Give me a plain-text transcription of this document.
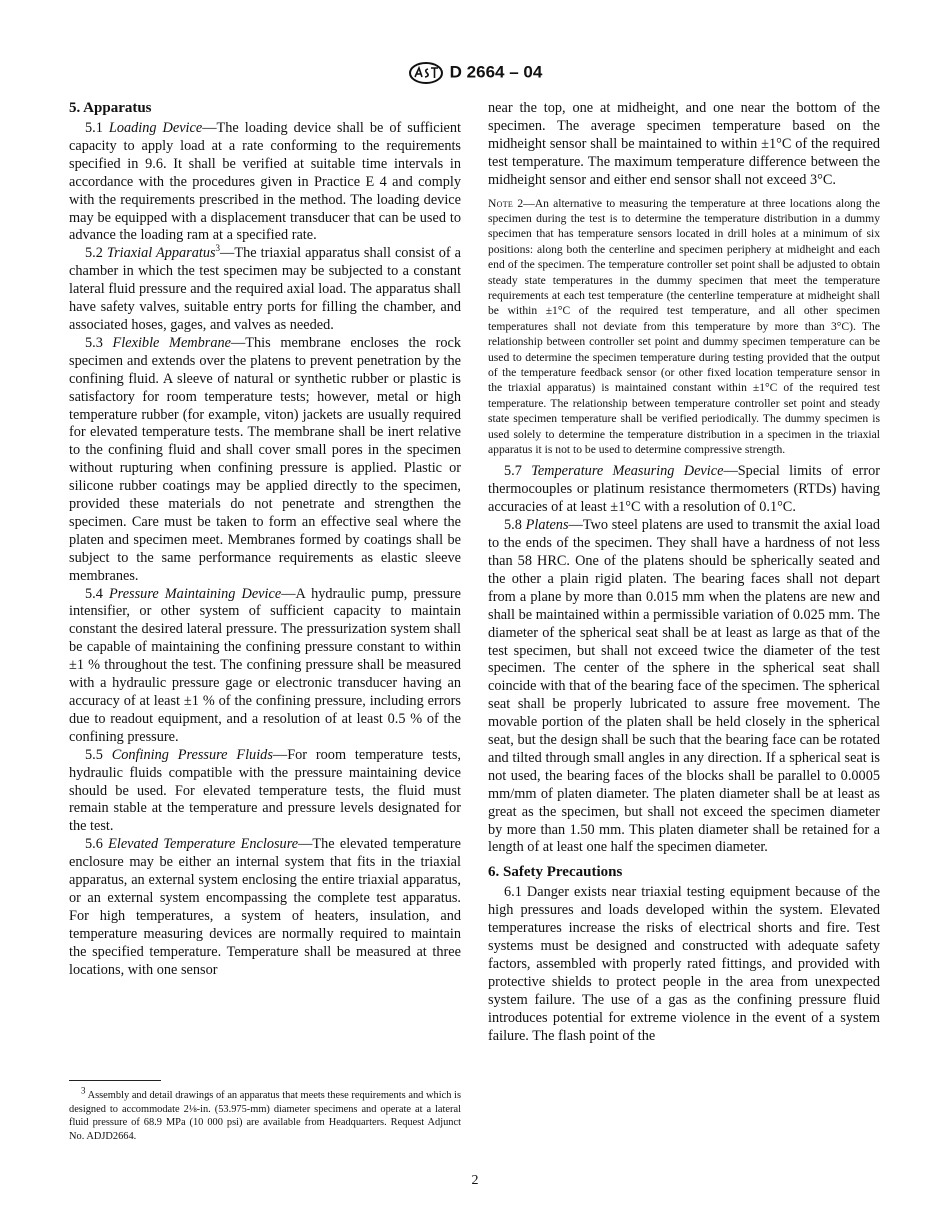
D 2664 – 04
5. Apparatus

5.1 Loading Device—The loading device shall be of sufficient capacity to apply load at a rate conforming to the requirements specified in 9.6. It shall be verified at suitable time intervals in accordance with the procedures given in Practice E 4 and comply with the requirements prescribed in the method. The loading device may be equipped with a displacement transducer that can be used to advance the loading ram at a specified rate.

5.2 Triaxial Apparatus$^3$—The triaxial apparatus shall consist of a chamber in which the test specimen may be subjected to a constant lateral fluid pressure and the required axial load. The apparatus shall have safety valves, suitable entry ports for filling the chamber, and associated hoses, gages, and valves as needed.

5.3 Flexible Membrane—This membrane encloses the rock specimen and extends over the platens to prevent penetration by the confining fluid. A sleeve of natural or synthetic rubber or plastic is satisfactory for room temperature tests; however, metal or high temperature rubber (for example, viton) jackets are usually required for elevated temperature tests. The membrane shall be inert relative to the confining fluid and shall cover small pores in the specimen without rupturing when confining pressure is applied. Plastic or silicone rubber coatings may be applied directly to the specimen, provided these materials do not penetrate and strengthen the specimen. Care must be taken to form an effective seal where the platen and specimen meet. Membranes formed by coatings shall be subject to the same performance requirements as elastic sleeve membranes.

5.4 Pressure Maintaining Device—A hydraulic pump, pressure intensifier, or other system of sufficient capacity to maintain constant the desired lateral pressure. The pressurization system shall be capable of maintaining the confining pressure constant to within ±1 % throughout the test. The confining pressure shall be measured with a hydraulic pressure gage or electronic transducer having an accuracy of at least ±1 % of the confining pressure, including errors due to readout equipment, and a resolution of at least 0.5 % of the confining pressure.

5.5 Confining Pressure Fluids—For room temperature tests, hydraulic fluids compatible with the pressure maintaining device should be used. For elevated temperature tests, the fluid must remain stable at the temperature and pressure levels designated for the test.

5.6 Elevated Temperature Enclosure—The elevated temperature enclosure may be either an internal system that fits in the triaxial apparatus, an external system enclosing the entire triaxial apparatus, or an external system encompassing the complete test apparatus. For high temperatures, a system of heaters, insulation, and temperature measuring devices are normally required to maintain the specified temperature. Temperature shall be measured at three locations, with one sensor

$^3$ Assembly and detail drawings of an apparatus that meets these requirements and which is designed to accommodate 2⅛-in. (53.975-mm) diameter specimens and operate at a lateral fluid pressure of 68.9 MPa (10 000 psi) are available from Headquarters. Request Adjunct No. ADJD2664.

near the top, one at midheight, and one near the bottom of the specimen. The average specimen temperature based on the midheight sensor shall be maintained to within ±1°C of the required test temperature. The maximum temperature difference between the midheight sensor and either end sensor shall not exceed 3°C.

Note 2—An alternative to measuring the temperature at three locations along the specimen during the test is to determine the temperature distribution in a dummy specimen that has temperature sensors located in drill holes at a minimum of six positions: along both the centerline and specimen periphery at midheight and each end of the specimen. The temperature controller set point shall be adjusted to obtain steady state temperatures in the dummy specimen that meet the temperature requirements at each test temperature (the centerline temperature at midheight shall be within ±1°C of the required test temperature, and all other specimen temperatures shall not deviate from this temperature by more than 3°C). The relationship between controller set point and dummy specimen temperature can be used to determine the specimen temperature during testing provided that the output of the temperature feedback sensor (or other fixed location temperature sensor in the triaxial apparatus) is maintained constant within ±1°C of the required test temperature. The relationship between temperature controller set point and steady state specimen temperature shall be verified periodically. The dummy specimen is used solely to determine the temperature distribution in a specimen in the triaxial apparatus it is not to be used to determine compressive strength.

5.7 Temperature Measuring Device—Special limits of error thermocouples or platinum resistance thermometers (RTDs) having accuracies of at least ±1°C with a resolution of 0.1°C.

5.8 Platens—Two steel platens are used to transmit the axial load to the ends of the specimen. They shall have a hardness of not less than 58 HRC. One of the platens should be spherically seated and the other a plain rigid platen. The bearing faces shall not depart from a plane by more than 0.015 mm when the platens are new and shall be maintained within a permissible variation of 0.025 mm. The diameter of the spherical seat shall be at least as large as that of the test specimen, but shall not exceed twice the diameter of the test specimen. The center of the sphere in the spherical seat shall coincide with that of the bearing face of the specimen. The spherical seat shall be properly lubricated to assure free movement. The movable portion of the platen shall be held closely in the spherical seat, but the design shall be such that the bearing face can be rotated and tilted through small angles in any direction. If a spherical seat is not used, the bearing faces of the blocks shall be parallel to 0.0005 mm/mm of platen diameter. The platen diameter shall be at least as great as the specimen, but shall not exceed the specimen diameter by more than 1.50 mm. This platen diameter shall be retained for a length of at least one half the specimen diameter.

6. Safety Precautions

6.1 Danger exists near triaxial testing equipment because of the high pressures and loads developed within the system. Elevated temperatures increase the risks of electrical shorts and fire. Test systems must be designed and constructed with adequate safety factors, assembled with properly rated fittings, and provided with protective shields to protect people in the area from unexpected system failure. The use of a gas as the confining pressure fluid introduces potential for extreme violence in the event of a system failure. The flash point of the

2
